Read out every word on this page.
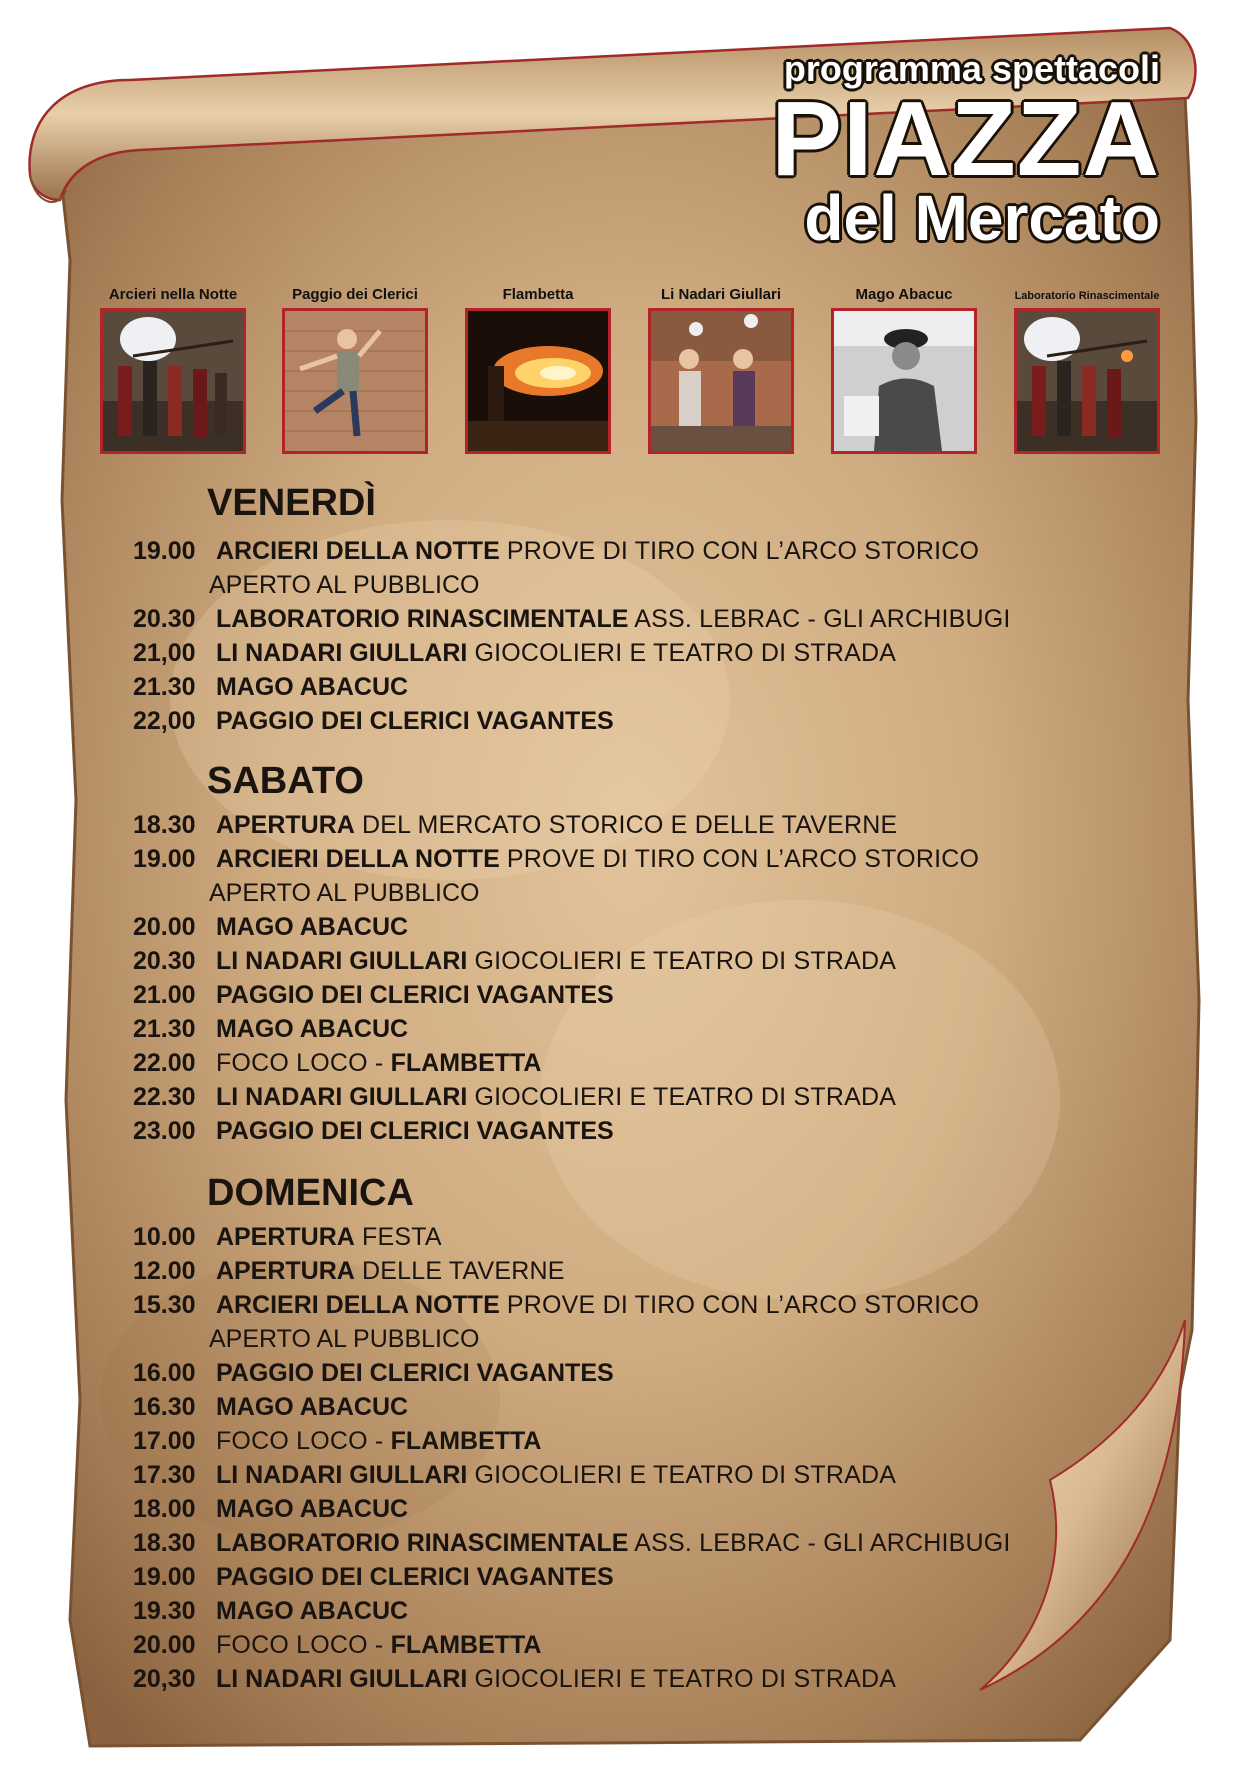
programma spettacoli
PIAZZA
del Mercato
Arcieri nella Notte	Paggio dei Clerici	Flambetta	Li Nadari Giullari	Mago Abacuc	Laboratorio Rinascimentale
VENERDÌ
19.00 ARCIERI DELLA NOTTE PROVE DI TIRO CON L’ARCO STORICO
APERTO AL PUBBLICO
20.30 LABORATORIO RINASCIMENTALE ASS. LEBRAC - GLI ARCHIBUGI
21,00 LI NADARI GIULLARI GIOCOLIERI E TEATRO DI STRADA
21.30 MAGO ABACUC
22,00 PAGGIO DEI CLERICI VAGANTES
SABATO
18.30 APERTURA DEL MERCATO STORICO E DELLE TAVERNE
19.00 ARCIERI DELLA NOTTE PROVE DI TIRO CON L’ARCO STORICO
APERTO AL PUBBLICO
20.00 MAGO ABACUC
20.30 LI NADARI GIULLARI GIOCOLIERI E TEATRO DI STRADA
21.00 PAGGIO DEI CLERICI VAGANTES
21.30 MAGO ABACUC
22.00 FOCO LOCO - FLAMBETTA
22.30 LI NADARI GIULLARI GIOCOLIERI E TEATRO DI STRADA
23.00 PAGGIO DEI CLERICI VAGANTES
DOMENICA
10.00 APERTURA FESTA
12.00 APERTURA DELLE TAVERNE
15.30 ARCIERI DELLA NOTTE PROVE DI TIRO CON L’ARCO STORICO
APERTO AL PUBBLICO
16.00 PAGGIO DEI CLERICI VAGANTES
16.30 MAGO ABACUC
17.00 FOCO LOCO - FLAMBETTA
17.30 LI NADARI GIULLARI GIOCOLIERI E TEATRO DI STRADA
18.00 MAGO ABACUC
18.30 LABORATORIO RINASCIMENTALE ASS. LEBRAC - GLI ARCHIBUGI
19.00 PAGGIO DEI CLERICI VAGANTES
19.30 MAGO ABACUC
20.00 FOCO LOCO - FLAMBETTA
20,30 LI NADARI GIULLARI GIOCOLIERI E TEATRO DI STRADA
